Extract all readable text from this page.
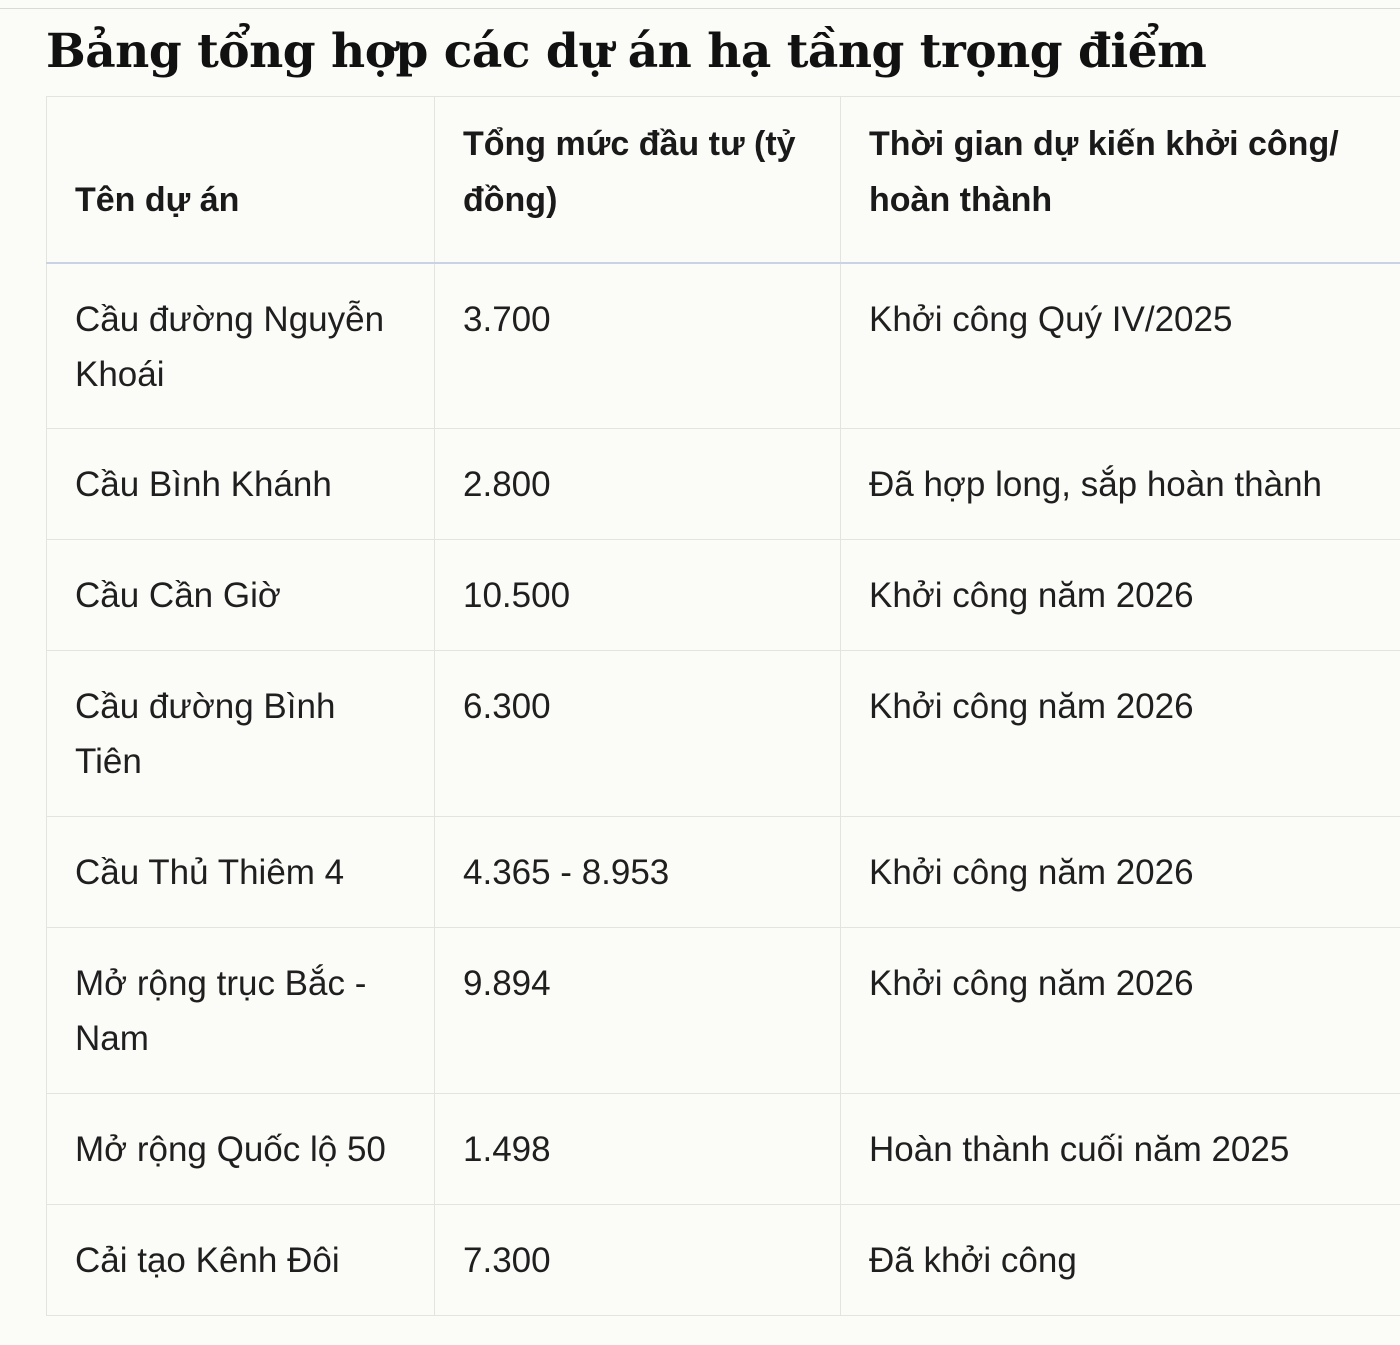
Bảng tổng hợp các dự án hạ tầng trọng điểm
Tên dự án	Tổng mức đầu tư (tỷ đồng)	Thời gian dự kiến khởi công/ hoàn thành
Cầu đường Nguyễn Khoái	3.700	Khởi công Quý IV/2025
Cầu Bình Khánh	2.800	Đã hợp long, sắp hoàn thành
Cầu Cần Giờ	10.500	Khởi công năm 2026
Cầu đường Bình Tiên	6.300	Khởi công năm 2026
Cầu Thủ Thiêm 4	4.365 - 8.953	Khởi công năm 2026
Mở rộng trục Bắc - Nam	9.894	Khởi công năm 2026
Mở rộng Quốc lộ 50	1.498	Hoàn thành cuối năm 2025
Cải tạo Kênh Đôi	7.300	Đã khởi công
